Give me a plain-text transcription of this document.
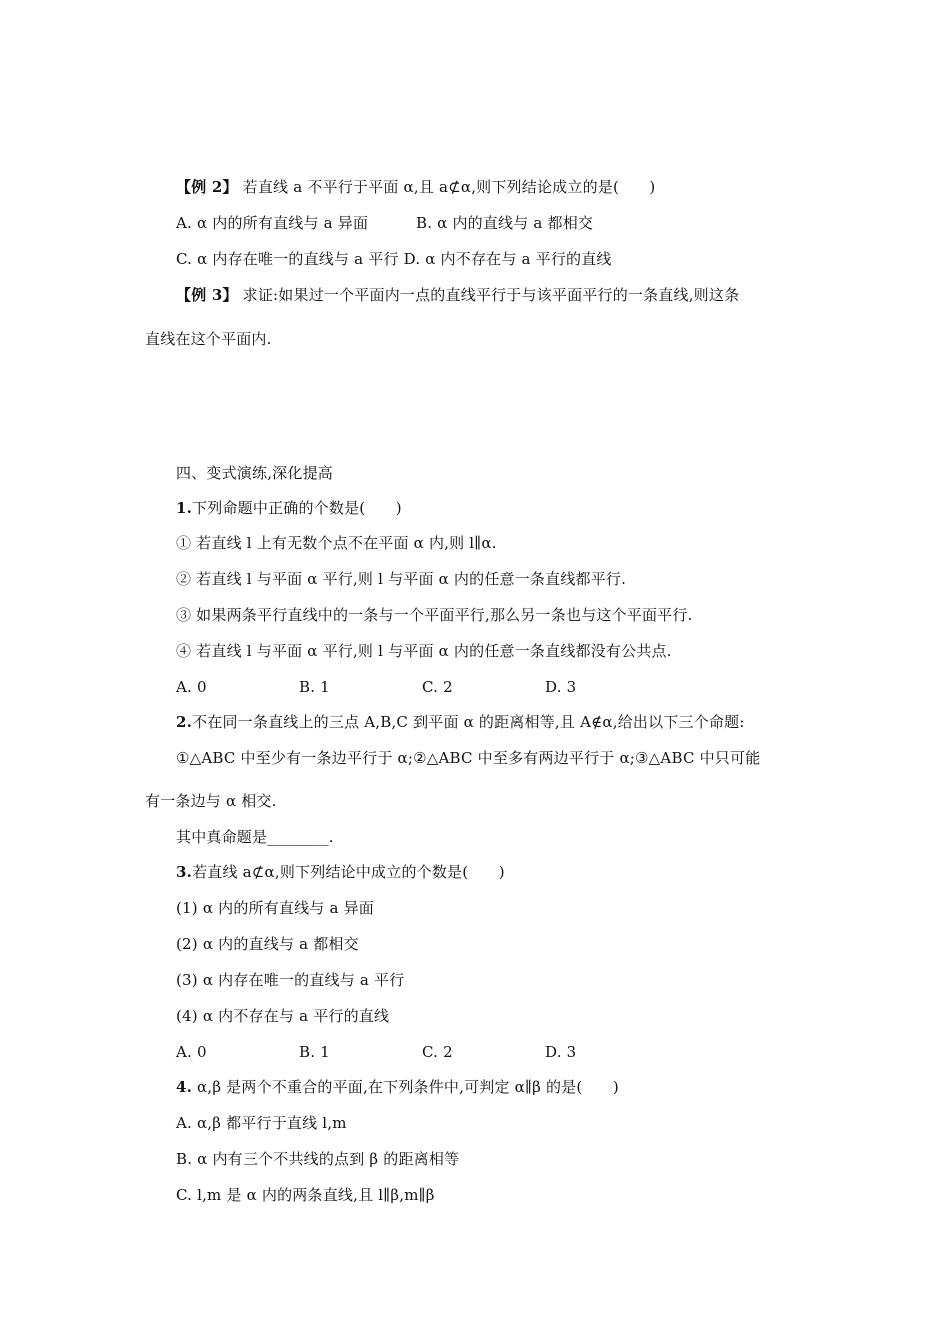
【例 2】 若直线 a 不平行于平面 α,且 a⊄α,则下列结论成立的是(　　)
A. α 内的所有直线与 a 异面	B. α 内的直线与 a 都相交
C. α 内存在唯一的直线与 a 平行 D. α 内不存在与 a 平行的直线
【例 3】 求证:如果过一个平面内一点的直线平行于与该平面平行的一条直线,则这条
直线在这个平面内.
四、变式演练,深化提高
1.下列命题中正确的个数是(　　)
① 若直线 l 上有无数个点不在平面 α 内,则 l∥α.
② 若直线 l 与平面 α 平行,则 l 与平面 α 内的任意一条直线都平行.
③ 如果两条平行直线中的一条与一个平面平行,那么另一条也与这个平面平行.
④ 若直线 l 与平面 α 平行,则 l 与平面 α 内的任意一条直线都没有公共点.
A. 0	B. 1	C. 2	D. 3
2.不在同一条直线上的三点 A,B,C 到平面 α 的距离相等,且 A∉α,给出以下三个命题:
①△ABC 中至少有一条边平行于 α;②△ABC 中至多有两边平行于 α;③△ABC 中只可能
有一条边与 α 相交.
其中真命题是________.
3.若直线 a⊄α,则下列结论中成立的个数是(　　)
(1) α 内的所有直线与 a 异面
(2) α 内的直线与 a 都相交
(3) α 内存在唯一的直线与 a 平行
(4) α 内不存在与 a 平行的直线
A. 0	B. 1	C. 2	D. 3
4. α,β 是两个不重合的平面,在下列条件中,可判定 α∥β 的是(　　)
A. α,β 都平行于直线 l,m
B. α 内有三个不共线的点到 β 的距离相等
C. l,m 是 α 内的两条直线,且 l∥β,m∥β
